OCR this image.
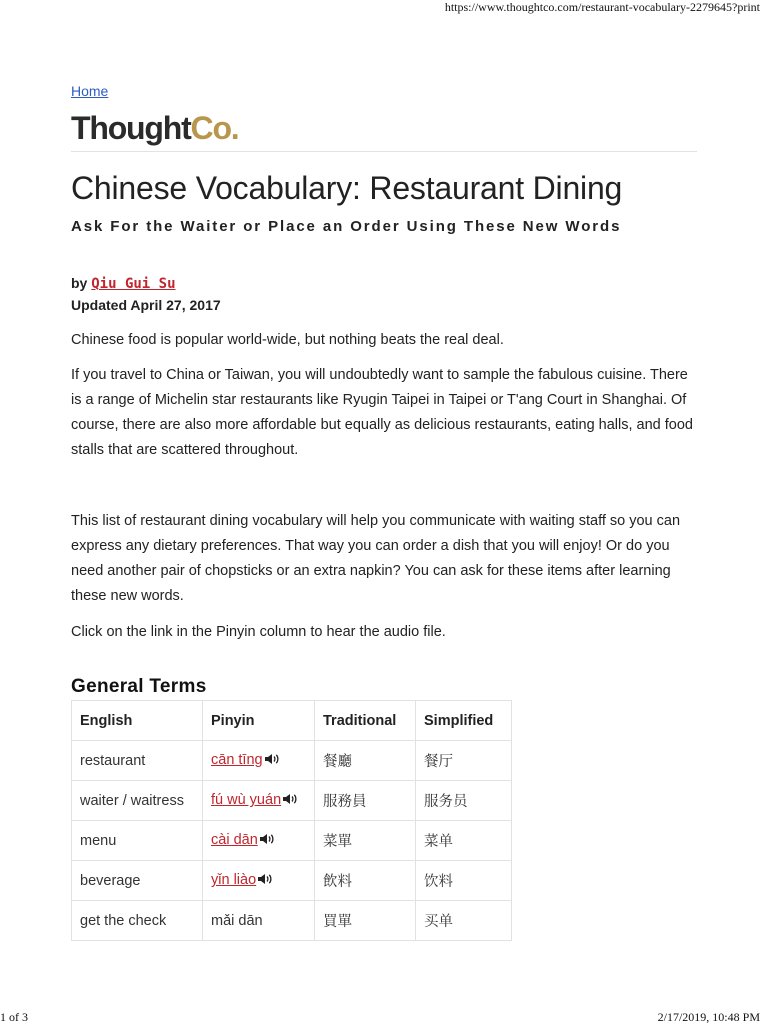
https://www.thoughtco.com/restaurant-vocabulary-2279645?print
Home
ThoughtCo.
Chinese Vocabulary: Restaurant Dining
Ask For the Waiter or Place an Order Using These New Words
by Qiu Gui Su
Updated April 27, 2017

Chinese food is popular world-wide, but nothing beats the real deal.

If you travel to China or Taiwan, you will undoubtedly want to sample the fabulous cuisine. There is a range of Michelin star restaurants like Ryugin Taipei in Taipei or T'ang Court in Shanghai. Of course, there are also more affordable but equally as delicious restaurants, eating halls, and food stalls that are scattered throughout.

This list of restaurant dining vocabulary will help you communicate with waiting staff so you can express any dietary preferences. That way you can order a dish that you will enjoy! Or do you need another pair of chopsticks or an extra napkin? You can ask for these items after learning these new words.

Click on the link in the Pinyin column to hear the audio file.

General Terms
English	Pinyin	Traditional	Simplified
restaurant	cān tīng	餐廳	餐厅
waiter / waitress	fú wù yuán	服務員	服务员
menu	cài dān	菜單	菜单
beverage	yǐn liào	飲料	饮料
get the check	mǎi dān	買單	买单
1 of 3	2/17/2019, 10:48 PM
